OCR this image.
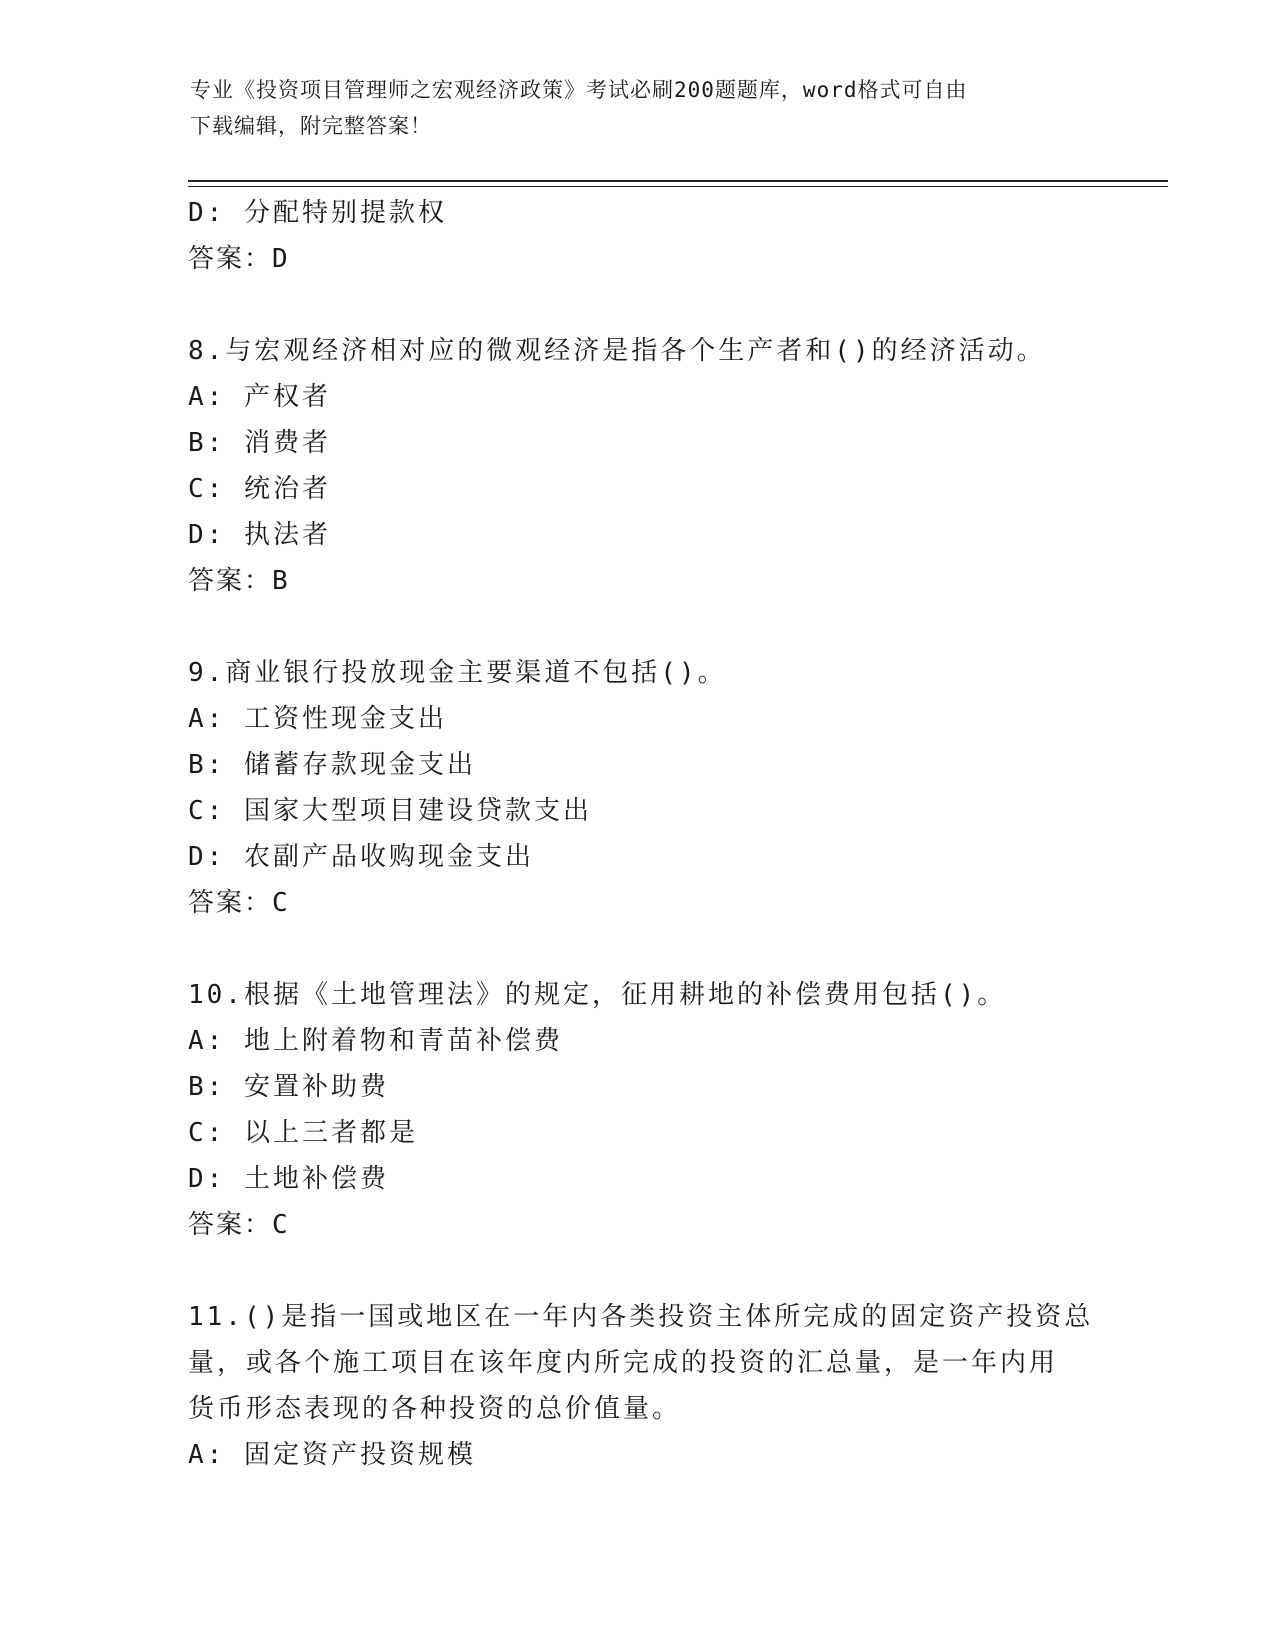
专业《投资项目管理师之宏观经济政策》考试必刷200题题库，word格式可自由
下载编辑，附完整答案！
D: 分配特别提款权
答案：D
8.与宏观经济相对应的微观经济是指各个生产者和()的经济活动。
A: 产权者
B: 消费者
C: 统治者
D: 执法者
答案：B
9.商业银行投放现金主要渠道不包括()。
A: 工资性现金支出
B: 储蓄存款现金支出
C: 国家大型项目建设贷款支出
D: 农副产品收购现金支出
答案：C
10.根据《土地管理法》的规定，征用耕地的补偿费用包括()。
A: 地上附着物和青苗补偿费
B: 安置补助费
C: 以上三者都是
D: 土地补偿费
答案：C
11.()是指一国或地区在一年内各类投资主体所完成的固定资产投资总
量，或各个施工项目在该年度内所完成的投资的汇总量，是一年内用
货币形态表现的各种投资的总价值量。
A: 固定资产投资规模
